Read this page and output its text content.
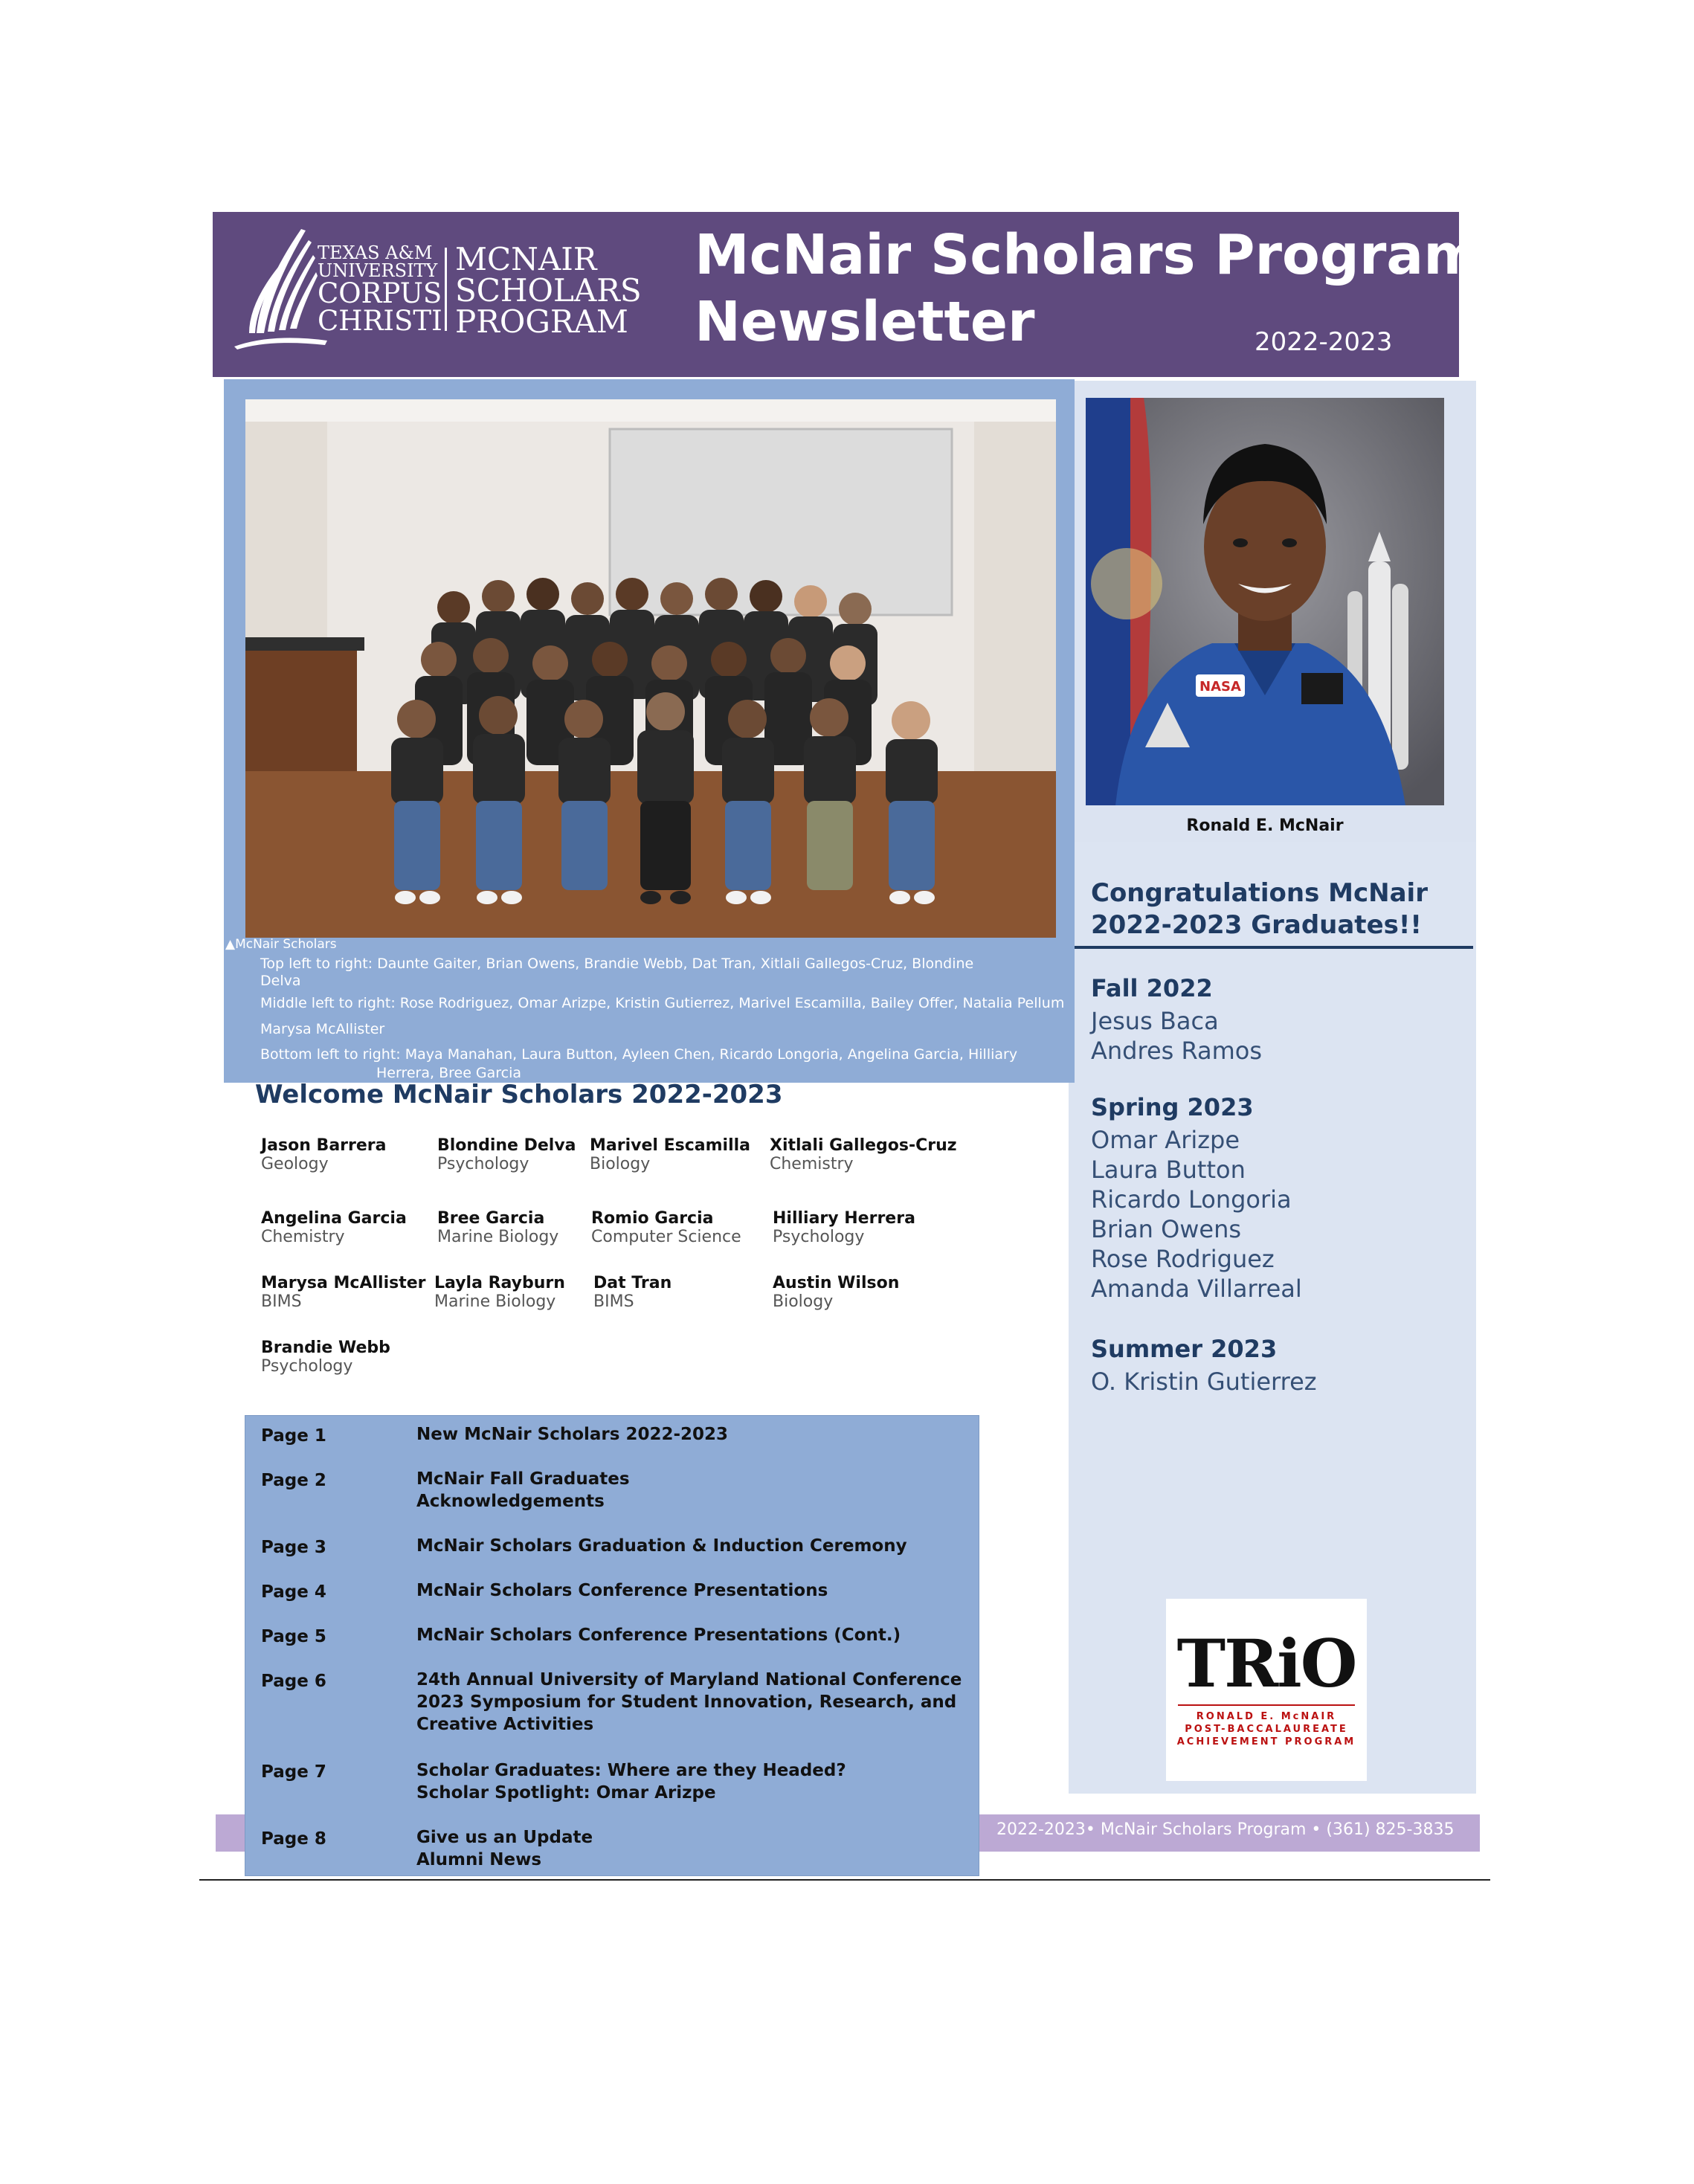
TEXAS A&M
UNIVERSITY
CORPUS
CHRISTI
MCNAIR
SCHOLARS
PROGRAM
McNair Scholars Program
Newsletter	2022-2023
NASA
Ronald E. McNair
Congratulations McNair
2022-2023 Graduates!!
Fall 2022
Jesus Baca
Andres Ramos
Spring 2023
Omar Arizpe
Laura Button
Ricardo Longoria
Brian Owens
Rose Rodriguez
Amanda Villarreal
Summer 2023
O. Kristin Gutierrez
TRiO
RONALD E. McNAIR
POST-BACCALAUREATE
ACHIEVEMENT PROGRAM
▲McNair Scholars
Top left to right: Daunte Gaiter, Brian Owens, Brandie Webb, Dat Tran, Xitlali Gallegos-Cruz, Blondine
Delva
Middle left to right: Rose Rodriguez, Omar Arizpe, Kristin Gutierrez, Marivel Escamilla, Bailey Offer, Natalia Pellum
Marysa McAllister
Bottom left to right: Maya Manahan, Laura Button, Ayleen Chen, Ricardo Longoria, Angelina Garcia, Hilliary
Herrera, Bree Garcia
Welcome McNair Scholars 2022-2023
Jason Barrera
Geology
Blondine Delva
Psychology
Marivel Escamilla
Biology
Xitlali Gallegos-Cruz
Chemistry
Angelina Garcia
Chemistry
Bree Garcia
Marine Biology
Romio Garcia
Computer Science
Hilliary Herrera
Psychology
Marysa McAllister
BIMS
Layla Rayburn
Marine Biology
Dat Tran
BIMS
Austin Wilson
Biology
Brandie Webb
Psychology
2022-2023• McNair Scholars Program • (361) 825-3835
Page 1	New McNair Scholars 2022-2023
Page 2	McNair Fall Graduates
Acknowledgements
Page 3	McNair Scholars Graduation & Induction Ceremony
Page 4	McNair Scholars Conference Presentations
Page 5	McNair Scholars Conference Presentations (Cont.)
Page 6	24th Annual University of Maryland National Conference
2023 Symposium for Student Innovation, Research, and
Creative Activities
Page 7	Scholar Graduates: Where are they Headed?
Scholar Spotlight: Omar Arizpe
Page 8	Give us an Update
Alumni News
